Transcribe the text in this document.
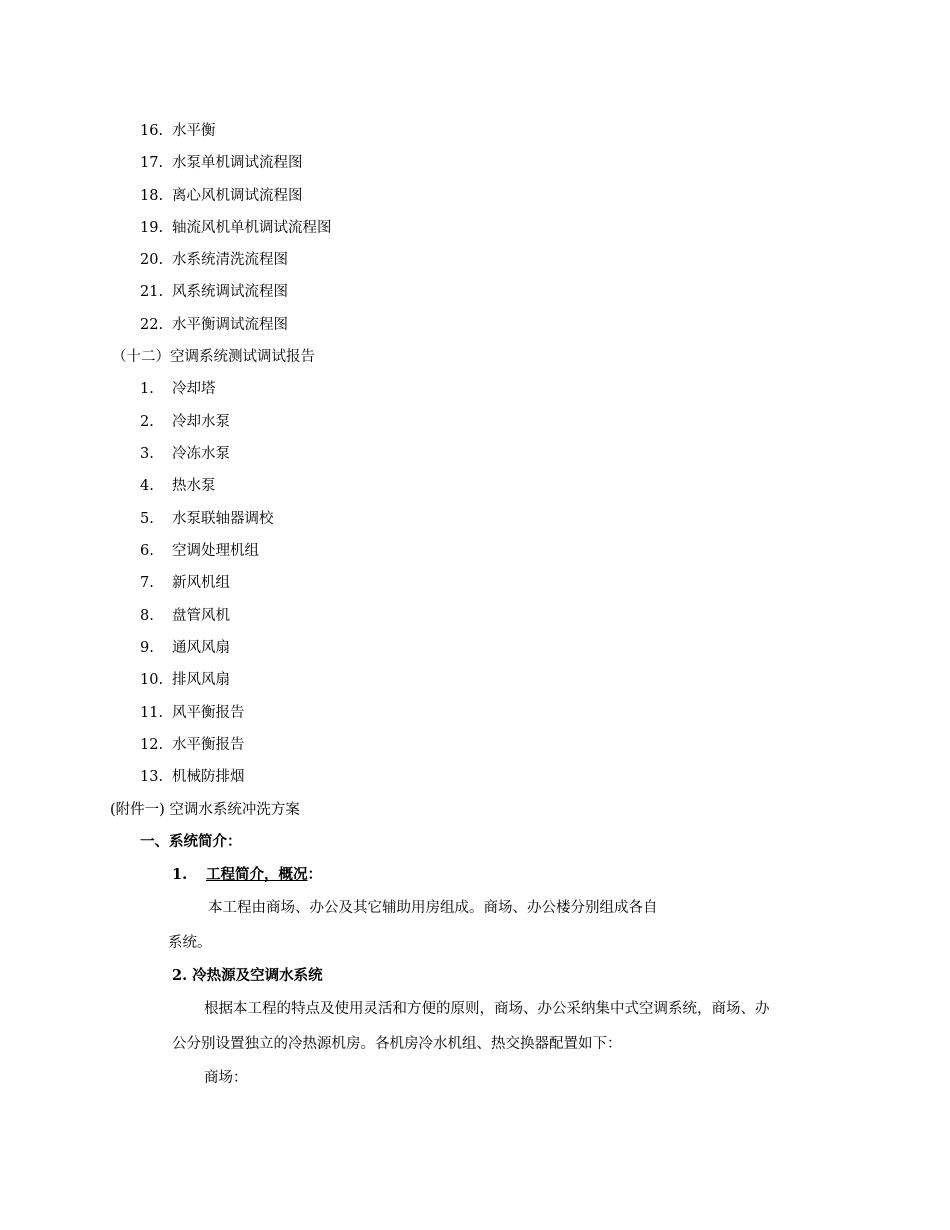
16. 水平衡
17. 水泵单机调试流程图
18. 离心风机调试流程图
19. 轴流风机单机调试流程图
20. 水系统清洗流程图
21. 风系统调试流程图
22. 水平衡调试流程图
（十二）空调系统测试调试报告
1. 冷却塔
2. 冷却水泵
3. 冷冻水泵
4. 热水泵
5. 水泵联轴器调校
6. 空调处理机组
7. 新风机组
8. 盘管风机
9. 通风风扇
10. 排风风扇
11. 风平衡报告
12. 水平衡报告
13. 机械防排烟
(附件一) 空调水系统冲洗方案
一、系统简介：
1. 工程简介，概况：
本工程由商场、办公及其它辅助用房组成。商场、办公楼分别组成各自
系统。
2. 冷热源及空调水系统
根据本工程的特点及使用灵活和方便的原则，商场、办公采纳集中式空调系统，商场、办
公分别设置独立的冷热源机房。各机房冷水机组、热交换器配置如下：
商场：
